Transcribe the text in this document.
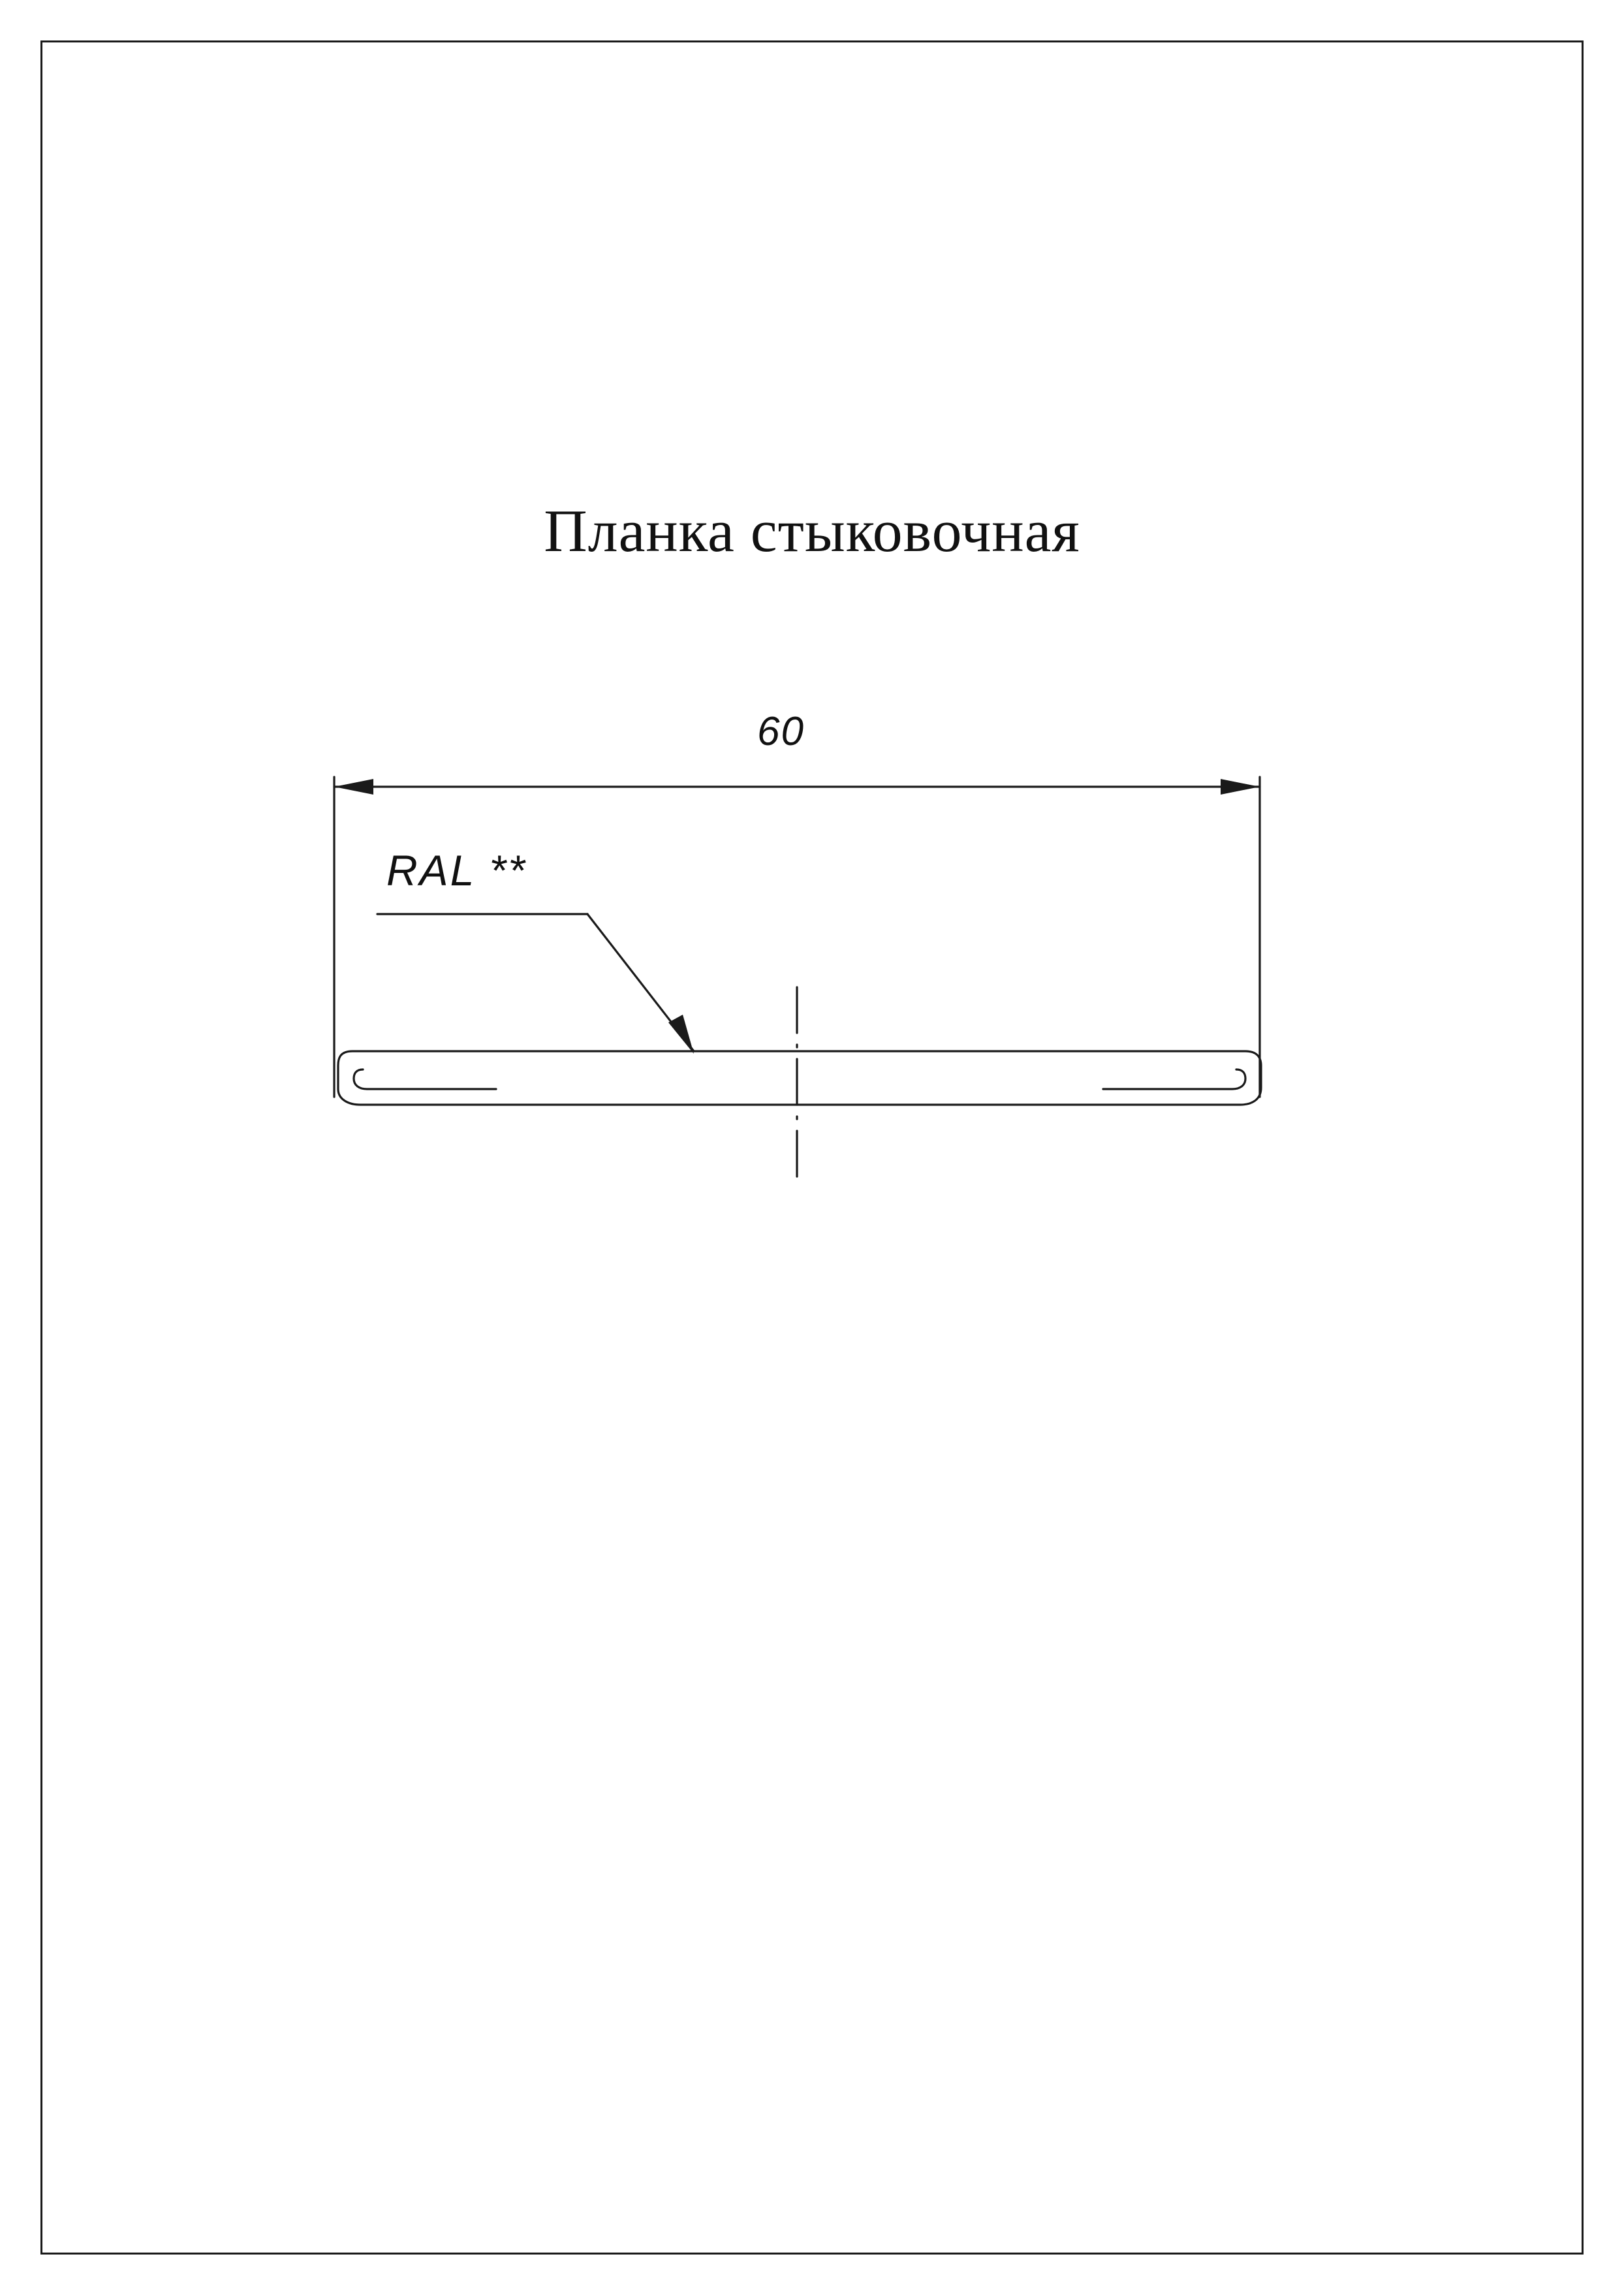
Планка стыковочная
60
RAL **
